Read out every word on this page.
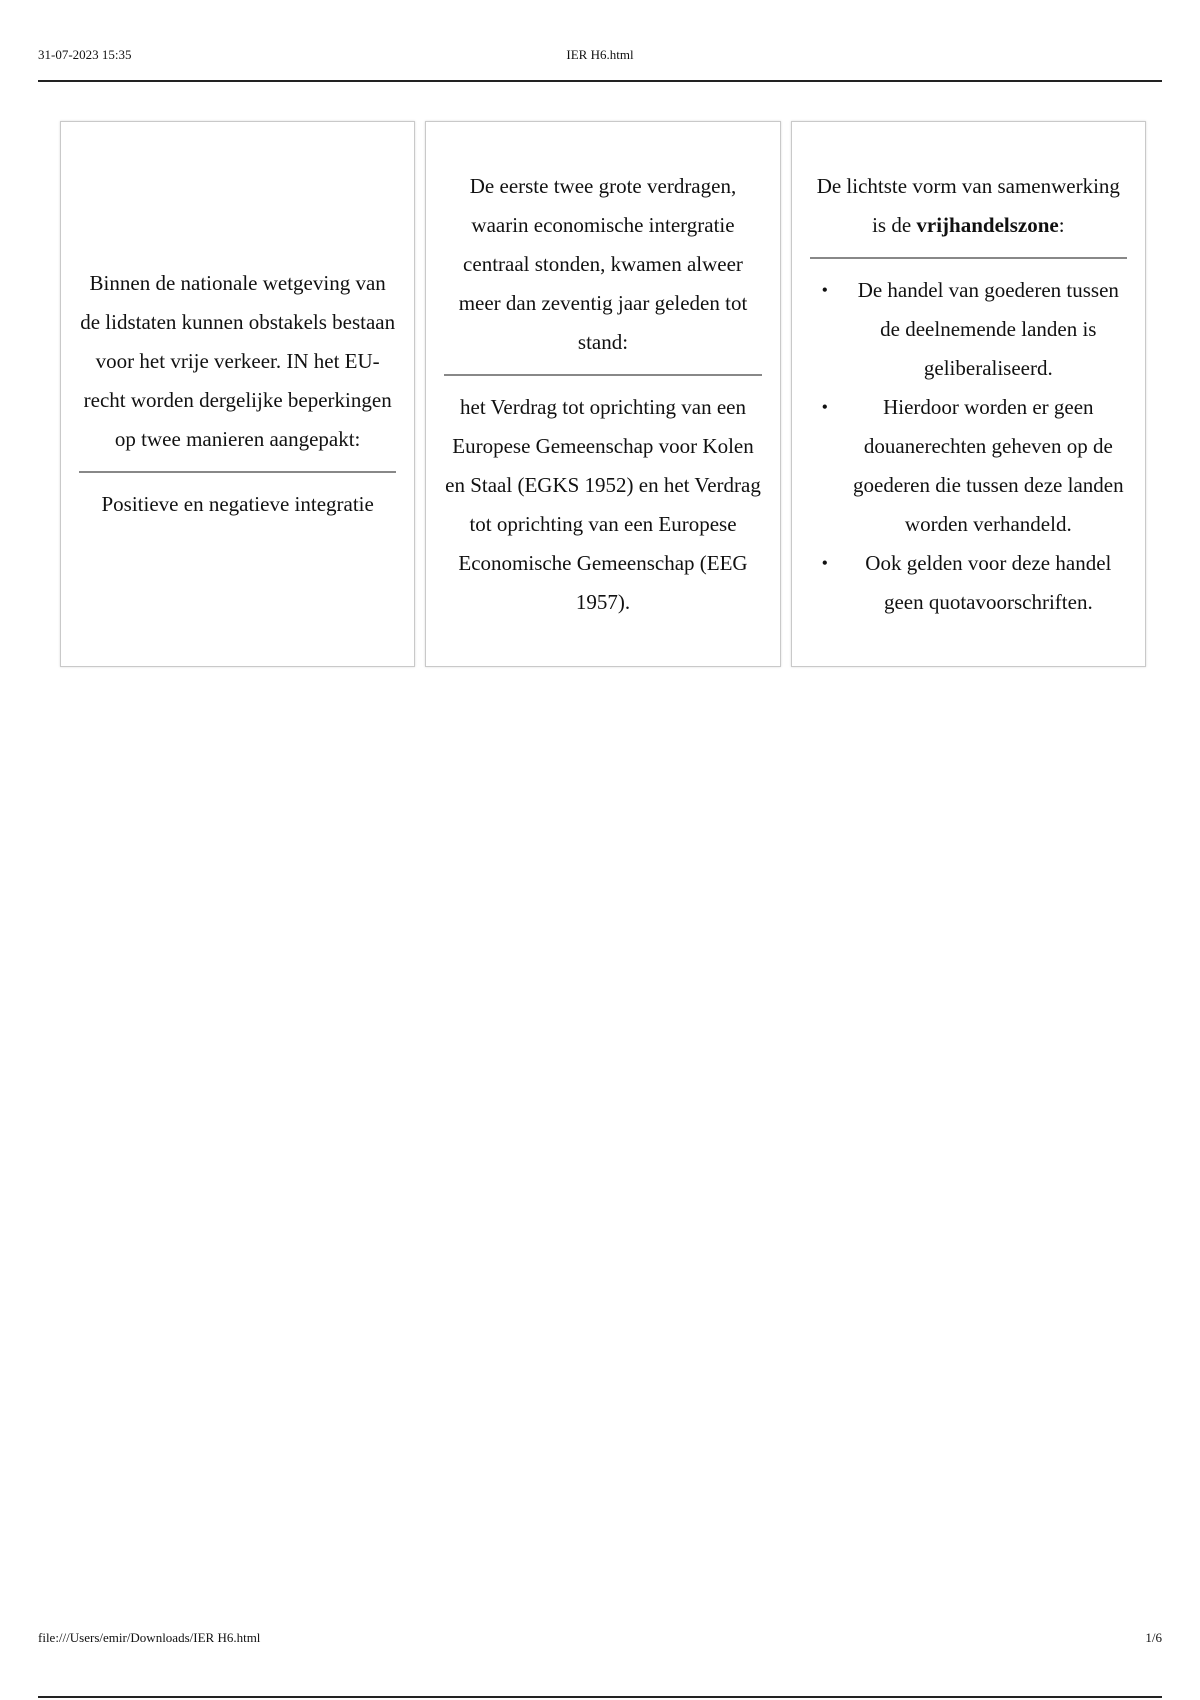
31-07-2023 15:35	IER H6.html
Binnen de nationale wetgeving van de lidstaten kunnen obstakels bestaan voor het vrije verkeer. IN het EU-recht worden dergelijke beperkingen op twee manieren aangepakt:
Positieve en negatieve integratie
De eerste twee grote verdragen, waarin economische intergratie centraal stonden, kwamen alweer meer dan zeventig jaar geleden tot stand:
het Verdrag tot oprichting van een Europese Gemeenschap voor Kolen en Staal (EGKS 1952) en het Verdrag tot oprichting van een Europese Economische Gemeenschap (EEG 1957).
De lichtste vorm van samenwerking is de vrijhandelszone:
• De handel van goederen tussen de deelnemende landen is geliberaliseerd.
•	Hierdoor worden er geen douanerechten geheven op de goederen die tussen deze landen worden verhandeld.
• Ook gelden voor deze handel geen quotavoorschriften.
file:///Users/emir/Downloads/IER H6.html	1/6
